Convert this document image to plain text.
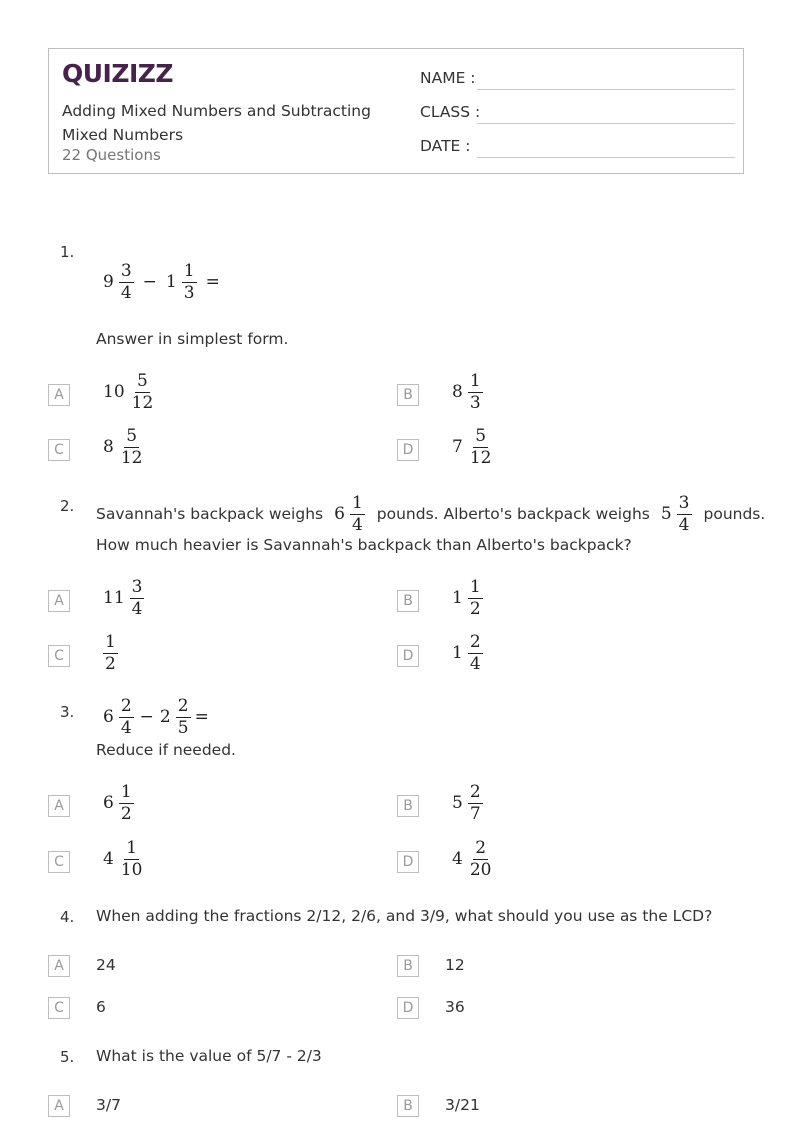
QUIZIZZ
Adding Mixed Numbers and Subtracting Mixed Numbers
22 Questions
NAME :
CLASS :
DATE :
1.
$9 \frac{3}{4} - 1 \frac{1}{3}$ =
Answer in simplest form.
A	$10 \frac{5}{12}$	B	$8 \frac{1}{3}$
C	$8 \frac{5}{12}$	D	$7 \frac{5}{12}$
2. Savannah's backpack weighs $6 \frac{1}{4}$ pounds. Alberto's backpack weighs $5 \frac{3}{4}$ pounds.
How much heavier is Savannah's backpack than Alberto's backpack?
A	$11 \frac{3}{4}$	B	$1 \frac{1}{2}$
C	$\frac{1}{2}$	D	$1 \frac{2}{4}$
3. $6 \frac{2}{4} - 2 \frac{2}{5}$ =
Reduce if needed.
A	$6 \frac{1}{2}$	B	$5 \frac{2}{7}$
C	$4 \frac{1}{10}$	D	$4 \frac{2}{20}$
4. When adding the fractions 2/12, 2/6, and 3/9, what should you use as the LCD?
A	24	B	12
C	6	D	36
5. What is the value of 5/7 - 2/3
A	3/7	B	3/21
